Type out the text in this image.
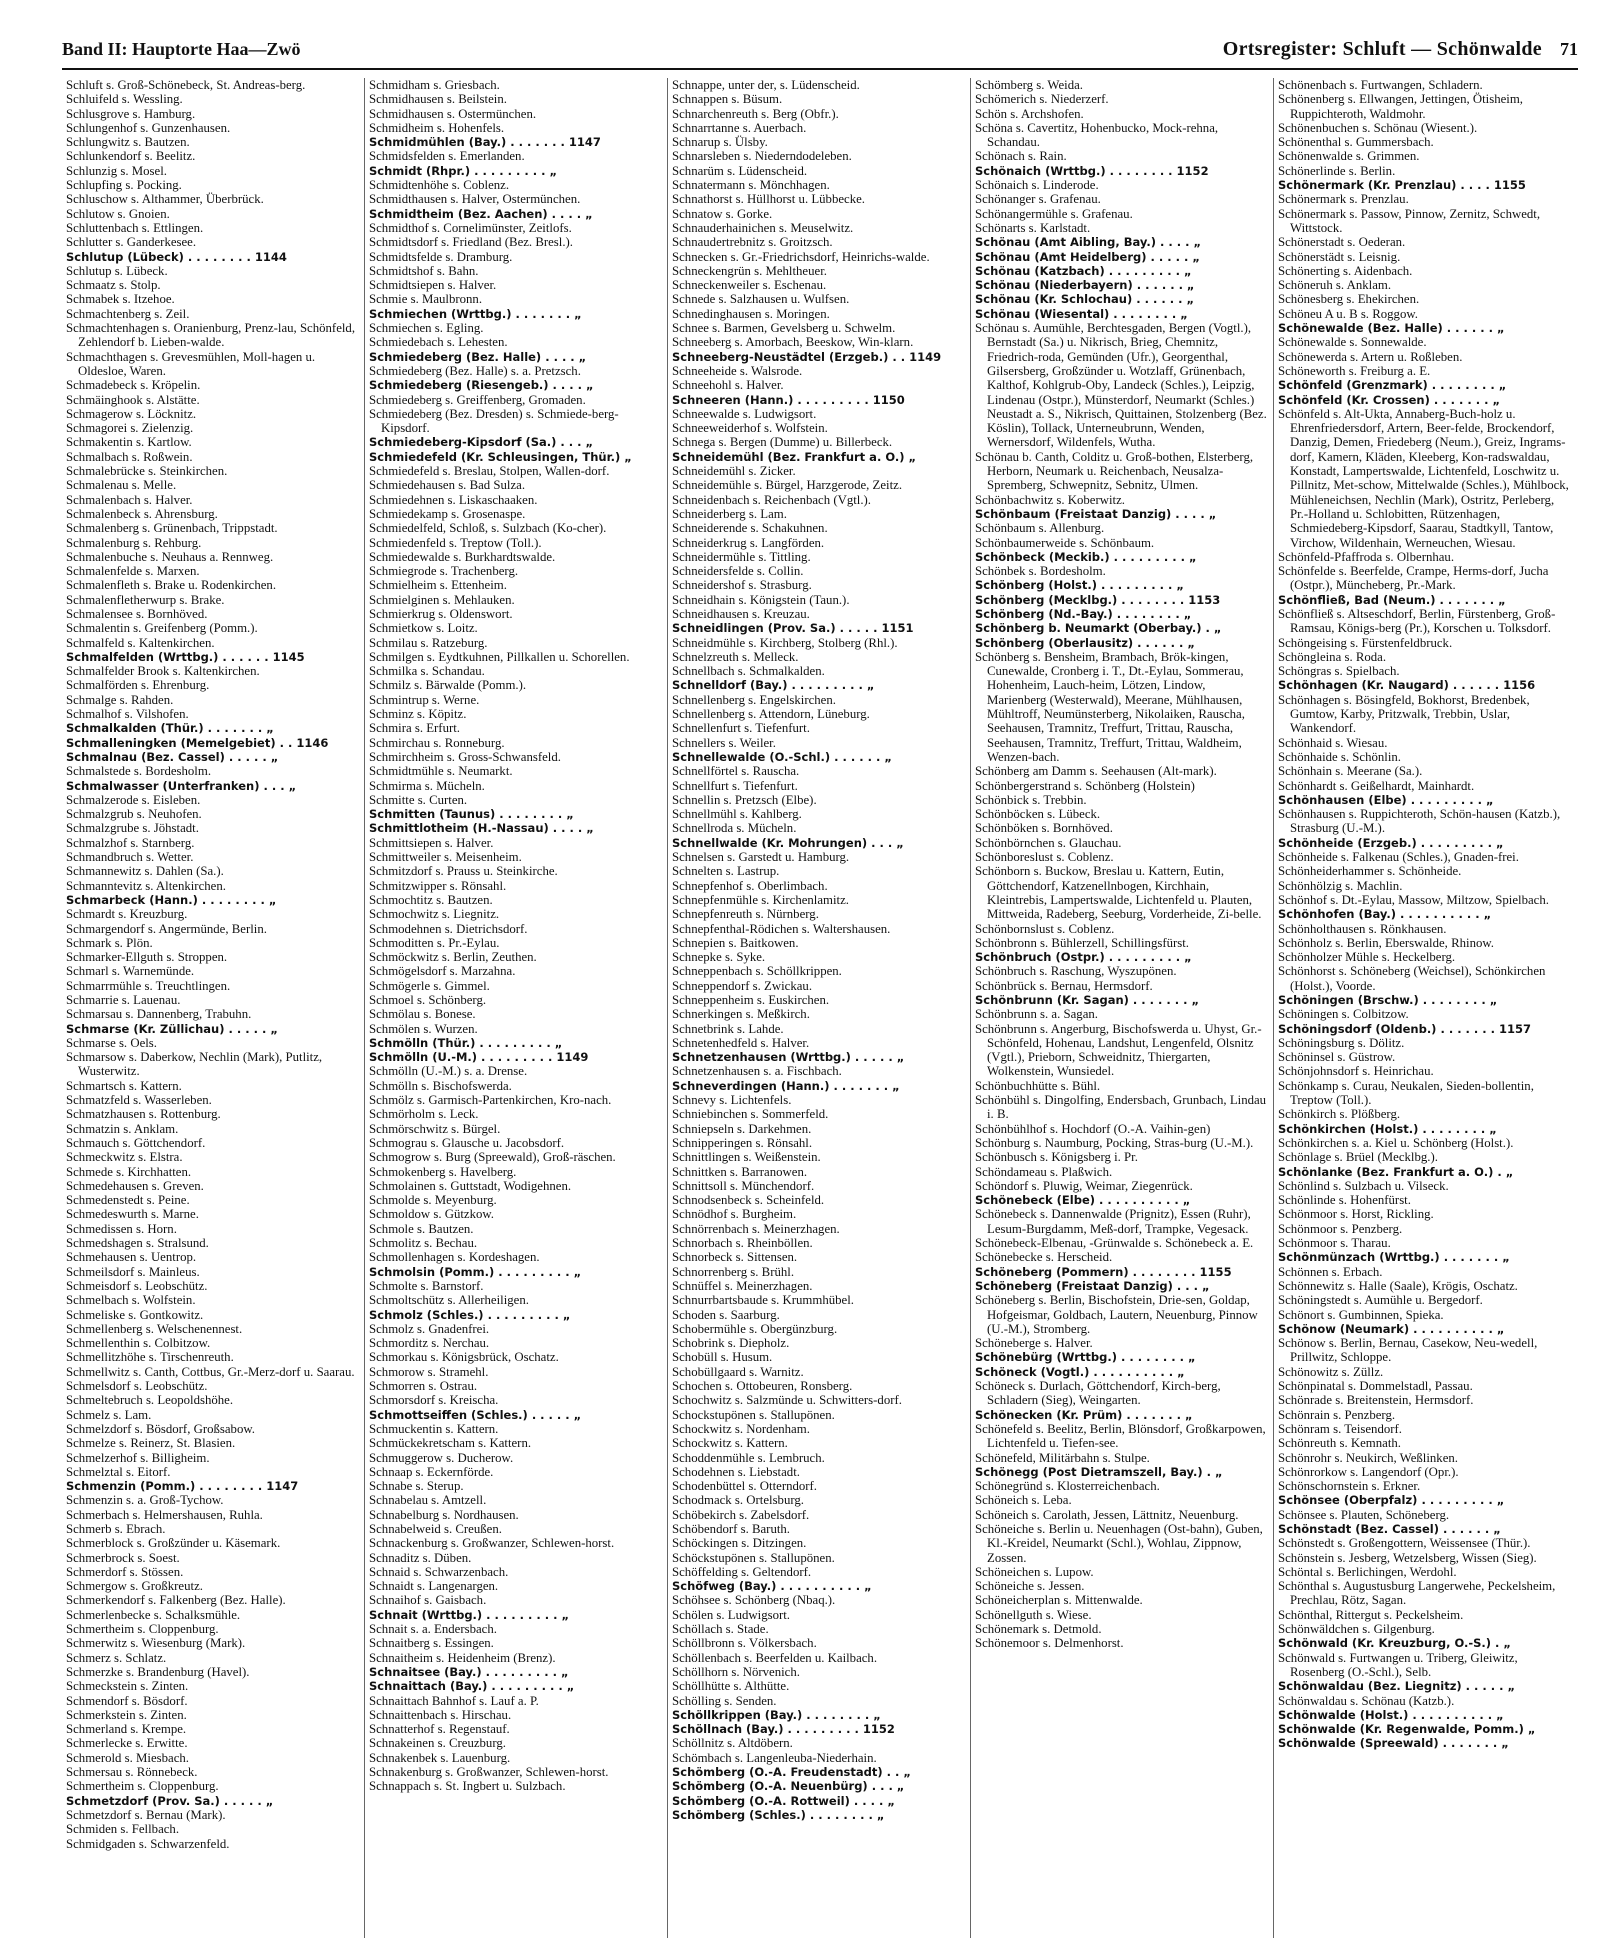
Band II: Hauptorte Haa—Zwö	Ortsregister: Schluft — Schönwalde 71
Schluft s. Groß-Schönebeck, St. Andreas-berg.
Schluifeld s. Wessling.
Schlusgrove s. Hamburg.
Schlungenhof s. Gunzenhausen.
Schlungwitz s. Bautzen.
Schlunkendorf s. Beelitz.
Schlunzig s. Mosel.
Schlupfing s. Pocking.
Schluschow s. Althammer, Überbrück.
Schlutow s. Gnoien.
Schluttenbach s. Ettlingen.
Schlutter s. Ganderkesee.
Schlutup (Lübeck) . . . . . . . . 1144
Schlutup s. Lübeck.
Schmaatz s. Stolp.
Schmabek s. Itzehoe.
Schmachtenberg s. Zeil.
Schmachtenhagen s. Oranienburg, Prenz-lau, Schönfeld, Zehlendorf b. Lieben-walde.
Schmachthagen s. Grevesmühlen, Moll-hagen u. Oldesloe, Waren.
Schmadebeck s. Kröpelin.
Schmäinghook s. Alstätte.
Schmagerow s. Löcknitz.
Schmagorei s. Zielenzig.
Schmakentin s. Kartlow.
Schmalbach s. Roßwein.
Schmalebrücke s. Steinkirchen.
Schmalenau s. Melle.
Schmalenbach s. Halver.
Schmalenbeck s. Ahrensburg.
Schmalenberg s. Grünenbach, Trippstadt.
Schmalenburg s. Rehburg.
Schmalenbuche s. Neuhaus a. Rennweg.
Schmalenfelde s. Marxen.
Schmalenfleth s. Brake u. Rodenkirchen.
Schmalenfletherwurp s. Brake.
Schmalensee s. Bornhöved.
Schmalentin s. Greifenberg (Pomm.).
Schmalfeld s. Kaltenkirchen.
Schmalfelden (Wrttbg.) . . . . . . 1145
Schmalfelder Brook s. Kaltenkirchen.
Schmalförden s. Ehrenburg.
Schmalge s. Rahden.
Schmalhof s. Vilshofen.
Schmalkalden (Thür.) . . . . . . . „
Schmalleningken (Memelgebiet) . . 1146
Schmalnau (Bez. Cassel) . . . . . „
Schmalstede s. Bordesholm.
Schmalwasser (Unterfranken) . . . „
Schmalzerode s. Eisleben.
Schmalzgrub s. Neuhofen.
Schmalzgrube s. Jöhstadt.
Schmalzhof s. Starnberg.
Schmandbruch s. Wetter.
Schmannewitz s. Dahlen (Sa.).
Schmanntevitz s. Altenkirchen.
Schmarbeck (Hann.) . . . . . . . . „
Schmardt s. Kreuzburg.
Schmargendorf s. Angermünde, Berlin.
Schmark s. Plön.
Schmarker-Ellguth s. Stroppen.
Schmarl s. Warnemünde.
Schmarrmühle s. Treuchtlingen.
Schmarrie s. Lauenau.
Schmarsau s. Dannenberg, Trabuhn.
Schmarse (Kr. Züllichau) . . . . . „
Schmarse s. Oels.
Schmarsow s. Daberkow, Nechlin (Mark), Putlitz, Wusterwitz.
Schmartsch s. Kattern.
Schmatzfeld s. Wasserleben.
Schmatzhausen s. Rottenburg.
Schmatzin s. Anklam.
Schmauch s. Göttchendorf.
Schmeckwitz s. Elstra.
Schmede s. Kirchhatten.
Schmedehausen s. Greven.
Schmedenstedt s. Peine.
Schmedeswurth s. Marne.
Schmedissen s. Horn.
Schmedshagen s. Stralsund.
Schmehausen s. Uentrop.
Schmeilsdorf s. Mainleus.
Schmeisdorf s. Leobschütz.
Schmelbach s. Wolfstein.
Schmeliske s. Gontkowitz.
Schmellenberg s. Welschenennest.
Schmellenthin s. Colbitzow.
Schmellitzhöhe s. Tirschenreuth.
Schmellwitz s. Canth, Cottbus, Gr.-Merz-dorf u. Saarau.
Schmelsdorf s. Leobschütz.
Schmeltebruch s. Leopoldshöhe.
Schmelz s. Lam.
Schmelzdorf s. Bösdorf, Großsabow.
Schmelze s. Reinerz, St. Blasien.
Schmelzerhof s. Billigheim.
Schmelztal s. Eitorf.
Schmenzin (Pomm.) . . . . . . . . 1147
Schmenzin s. a. Groß-Tychow.
Schmerbach s. Helmershausen, Ruhla.
Schmerb s. Ebrach.
Schmerblock s. Großzünder u. Käsemark.
Schmerbrock s. Soest.
Schmerdorf s. Stössen.
Schmergow s. Großkreutz.
Schmerkendorf s. Falkenberg (Bez. Halle).
Schmerlenbecke s. Schalksmühle.
Schmertheim s. Cloppenburg.
Schmerwitz s. Wiesenburg (Mark).
Schmerz s. Schlatz.
Schmerzke s. Brandenburg (Havel).
Schmeckstein s. Zinten.
Schmendorf s. Bösdorf.
Schmerkstein s. Zinten.
Schmerland s. Krempe.
Schmerlecke s. Erwitte.
Schmerold s. Miesbach.
Schmersau s. Rönnebeck.
Schmertheim s. Cloppenburg.
Schmetzdorf (Prov. Sa.) . . . . . „
Schmetzdorf s. Bernau (Mark).
Schmiden s. Fellbach.
Schmidgaden s. Schwarzenfeld.
Schmidham s. Griesbach.
Schmidhausen s. Beilstein.
Schmidhausen s. Ostermünchen.
Schmidheim s. Hohenfels.
Schmidmühlen (Bay.) . . . . . . . 1147
Schmidsfelden s. Emerlanden.
Schmidt (Rhpr.) . . . . . . . . . „
Schmidtenhöhe s. Coblenz.
Schmidthausen s. Halver, Ostermünchen.
Schmidtheim (Bez. Aachen) . . . . „
Schmidthof s. Cornelimünster, Zeitlofs.
Schmidtsdorf s. Friedland (Bez. Bresl.).
Schmidtsfelde s. Dramburg.
Schmidtshof s. Bahn.
Schmidtsiepen s. Halver.
Schmie s. Maulbronn.
Schmiechen (Wrttbg.) . . . . . . . „
Schmiechen s. Egling.
Schmiedebach s. Lehesten.
Schmiedeberg (Bez. Halle) . . . . „
Schmiedeberg (Bez. Halle) s. a. Pretzsch.
Schmiedeberg (Riesengeb.) . . . . „
Schmiedeberg s. Greiffenberg, Gromaden.
Schmiedeberg (Bez. Dresden) s. Schmiede-berg-Kipsdorf.
Schmiedeberg-Kipsdorf (Sa.) . . . „
Schmiedefeld (Kr. Schleusingen, Thür.) „
Schmiedefeld s. Breslau, Stolpen, Wallen-dorf.
Schmiedehausen s. Bad Sulza.
Schmiedehnen s. Liskaschaaken.
Schmiedekamp s. Grosenaspe.
Schmiedelfeld, Schloß, s. Sulzbach (Ko-cher).
Schmiedenfeld s. Treptow (Toll.).
Schmiedewalde s. Burkhardtswalde.
Schmiegrode s. Trachenberg.
Schmielheim s. Ettenheim.
Schmielginen s. Mehlauken.
Schmierkrug s. Oldenswort.
Schmietkow s. Loitz.
Schmilau s. Ratzeburg.
Schmilgen s. Eydtkuhnen, Pillkallen u. Schorellen.
Schmilka s. Schandau.
Schmilz s. Bärwalde (Pomm.).
Schmintrup s. Werne.
Schminz s. Köpitz.
Schmira s. Erfurt.
Schmirchau s. Ronneburg.
Schmirchheim s. Gross-Schwansfeld.
Schmidtmühle s. Neumarkt.
Schmirma s. Mücheln.
Schmitte s. Curten.
Schmitten (Taunus) . . . . . . . . „
Schmittlotheim (H.-Nassau) . . . . „
Schmittsiepen s. Halver.
Schmittweiler s. Meisenheim.
Schmitzdorf s. Prauss u. Steinkirche.
Schmitzwipper s. Rönsahl.
Schmochtitz s. Bautzen.
Schmochwitz s. Liegnitz.
Schmodehnen s. Dietrichsdorf.
Schmoditten s. Pr.-Eylau.
Schmöckwitz s. Berlin, Zeuthen.
Schmögelsdorf s. Marzahna.
Schmögerle s. Gimmel.
Schmoel s. Schönberg.
Schmölau s. Bonese.
Schmölen s. Wurzen.
Schmölln (Thür.) . . . . . . . . . „
Schmölln (U.-M.) . . . . . . . . . 1149
Schmölln (U.-M.) s. a. Drense.
Schmölln s. Bischofswerda.
Schmölz s. Garmisch-Partenkirchen, Kro-nach.
Schmörholm s. Leck.
Schmörschwitz s. Bürgel.
Schmograu s. Glausche u. Jacobsdorf.
Schmogrow s. Burg (Spreewald), Groß-räschen.
Schmokenberg s. Havelberg.
Schmolainen s. Guttstadt, Wodigehnen.
Schmolde s. Meyenburg.
Schmoldow s. Gützkow.
Schmole s. Bautzen.
Schmolitz s. Bechau.
Schmollenhagen s. Kordeshagen.
Schmolsin (Pomm.) . . . . . . . . . „
Schmolte s. Barnstorf.
Schmoltschütz s. Allerheiligen.
Schmolz (Schles.) . . . . . . . . . „
Schmolz s. Gnadenfrei.
Schmorditz s. Nerchau.
Schmorkau s. Königsbrück, Oschatz.
Schmorow s. Stramehl.
Schmorren s. Ostrau.
Schmorsdorf s. Kreischa.
Schmottseiffen (Schles.) . . . . . „
Schmuckentin s. Kattern.
Schmückekretscham s. Kattern.
Schmuggerow s. Ducherow.
Schnaap s. Eckernförde.
Schnabe s. Sterup.
Schnabelau s. Amtzell.
Schnabelburg s. Nordhausen.
Schnabelweid s. Creußen.
Schnackenburg s. Großwanzer, Schlewen-horst.
Schnaditz s. Düben.
Schnaid s. Schwarzenbach.
Schnaidt s. Langenargen.
Schnaihof s. Gaisbach.
Schnait (Wrttbg.) . . . . . . . . . „
Schnait s. a. Endersbach.
Schnaitberg s. Essingen.
Schnaitheim s. Heidenheim (Brenz).
Schnaitsee (Bay.) . . . . . . . . . „
Schnaittach (Bay.) . . . . . . . . . „
Schnaittach Bahnhof s. Lauf a. P.
Schnaittenbach s. Hirschau.
Schnatterhof s. Regenstauf.
Schnakeinen s. Creuzburg.
Schnakenbek s. Lauenburg.
Schnakenburg s. Großwanzer, Schlewen-horst.
Schnappach s. St. Ingbert u. Sulzbach.
Schnappe, unter der, s. Lüdenscheid.
Schnappen s. Büsum.
Schnarchenreuth s. Berg (Obfr.).
Schnarrtanne s. Auerbach.
Schnarup s. Ülsby.
Schnarsleben s. Niederndodeleben.
Schnarüm s. Lüdenscheid.
Schnatermann s. Mönchhagen.
Schnathorst s. Hüllhorst u. Lübbecke.
Schnatow s. Gorke.
Schnauderhainichen s. Meuselwitz.
Schnaudertrebnitz s. Groitzsch.
Schnecken s. Gr.-Friedrichsdorf, Heinrichs-walde.
Schneckengrün s. Mehltheuer.
Schneckenweiler s. Eschenau.
Schnede s. Salzhausen u. Wulfsen.
Schnedinghausen s. Moringen.
Schnee s. Barmen, Gevelsberg u. Schwelm.
Schneeberg s. Amorbach, Beeskow, Win-klarn.
Schneeberg-Neustädtel (Erzgeb.) . . 1149
Schneeheide s. Walsrode.
Schneehohl s. Halver.
Schneeren (Hann.) . . . . . . . . . 1150
Schneewalde s. Ludwigsort.
Schneeweiderhof s. Wolfstein.
Schnega s. Bergen (Dumme) u. Billerbeck.
Schneidemühl (Bez. Frankfurt a. O.) „
Schneidemühl s. Zicker.
Schneidemühle s. Bürgel, Harzgerode, Zeitz.
Schneidenbach s. Reichenbach (Vgtl.).
Schneiderberg s. Lam.
Schneiderende s. Schakuhnen.
Schneiderkrug s. Langförden.
Schneidermühle s. Tittling.
Schneidersfelde s. Collin.
Schneidershof s. Strasburg.
Schneidhain s. Königstein (Taun.).
Schneidhausen s. Kreuzau.
Schneidlingen (Prov. Sa.) . . . . . 1151
Schneidmühle s. Kirchberg, Stolberg (Rhl.).
Schnelzreuth s. Melleck.
Schnellbach s. Schmalkalden.
Schnelldorf (Bay.) . . . . . . . . . „
Schnellenberg s. Engelskirchen.
Schnellenberg s. Attendorn, Lüneburg.
Schnellenfurt s. Tiefenfurt.
Schnellers s. Weiler.
Schnellewalde (O.-Schl.) . . . . . . „
Schnellförtel s. Rauscha.
Schnellfurt s. Tiefenfurt.
Schnellin s. Pretzsch (Elbe).
Schnellmühl s. Kahlberg.
Schnellroda s. Mücheln.
Schnellwalde (Kr. Mohrungen) . . . „
Schnelsen s. Garstedt u. Hamburg.
Schnelten s. Lastrup.
Schnepfenhof s. Oberlimbach.
Schnepfenmühle s. Kirchenlamitz.
Schnepfenreuth s. Nürnberg.
Schnepfenthal-Rödichen s. Waltershausen.
Schnepien s. Baitkowen.
Schnepke s. Syke.
Schneppenbach s. Schöllkrippen.
Schneppendorf s. Zwickau.
Schneppenheim s. Euskirchen.
Schnerkingen s. Meßkirch.
Schnetbrink s. Lahde.
Schnetenhedfeld s. Halver.
Schnetzenhausen (Wrttbg.) . . . . . „
Schnetzenhausen s. a. Fischbach.
Schneverdingen (Hann.) . . . . . . . „
Schnevy s. Lichtenfels.
Schniebinchen s. Sommerfeld.
Schniepseln s. Darkehmen.
Schnipperingen s. Rönsahl.
Schnittlingen s. Weißenstein.
Schnittken s. Barranowen.
Schnittsoll s. Münchendorf.
Schnodsenbeck s. Scheinfeld.
Schnödhof s. Burgheim.
Schnörrenbach s. Meinerzhagen.
Schnorbach s. Rheinböllen.
Schnorbeck s. Sittensen.
Schnorrenberg s. Brühl.
Schnüffel s. Meinerzhagen.
Schnurrbartsbaude s. Krummhübel.
Schoden s. Saarburg.
Schobermühle s. Obergünzburg.
Schobrink s. Diepholz.
Schobüll s. Husum.
Schobüllgaard s. Warnitz.
Schochen s. Ottobeuren, Ronsberg.
Schochwitz s. Salzmünde u. Schwitters-dorf.
Schockstupönen s. Stallupönen.
Schockwitz s. Nordenham.
Schockwitz s. Kattern.
Schoddenmühle s. Lembruch.
Schodehnen s. Liebstadt.
Schodenbüttel s. Otterndorf.
Schodmack s. Ortelsburg.
Schöbekirch s. Zabelsdorf.
Schöbendorf s. Baruth.
Schöckingen s. Ditzingen.
Schöckstupönen s. Stallupönen.
Schöffelding s. Geltendorf.
Schöfweg (Bay.) . . . . . . . . . . „
Schöhsee s. Schönberg (Nbaq.).
Schölen s. Ludwigsort.
Schöllach s. Stade.
Schöllbronn s. Völkersbach.
Schöllenbach s. Beerfelden u. Kailbach.
Schöllhorn s. Nörvenich.
Schöllhütte s. Althütte.
Schölling s. Senden.
Schöllkrippen (Bay.) . . . . . . . . „
Schöllnach (Bay.) . . . . . . . . . 1152
Schöllnitz s. Altdöbern.
Schömbach s. Langenleuba-Niederhain.
Schömberg (O.-A. Freudenstadt) . . „
Schömberg (O.-A. Neuenbürg) . . . „
Schömberg (O.-A. Rottweil) . . . . „
Schömberg (Schles.) . . . . . . . . „
Schömberg s. Weida.
Schömerich s. Niederzerf.
Schön s. Archshofen.
Schöna s. Cavertitz, Hohenbucko, Mock-rehna, Schandau.
Schönach s. Rain.
Schönaich (Wrttbg.) . . . . . . . . 1152
Schönaich s. Linderode.
Schönanger s. Grafenau.
Schönangermühle s. Grafenau.
Schönarts s. Karlstadt.
Schönau (Amt Aibling, Bay.) . . . . „
Schönau (Amt Heidelberg) . . . . . „
Schönau (Katzbach) . . . . . . . . . „
Schönau (Niederbayern) . . . . . . „
Schönau (Kr. Schlochau) . . . . . . „
Schönau (Wiesental) . . . . . . . . „
Schönau s. Aumühle, Berchtesgaden, Bergen (Vogtl.), Bernstadt (Sa.) u. Nikrisch, Brieg, Chemnitz, Friedrich-roda, Gemünden (Ufr.), Georgenthal, Gilsersberg, Großzünder u. Wotzlaff, Grünenbach, Kalthof, Kohlgrub-Oby, Landeck (Schles.), Leipzig, Lindenau (Ostpr.), Münsterdorf, Neumarkt (Schles.) Neustadt a. S., Nikrisch, Quittainen, Stolzenberg (Bez. Köslin), Tollack, Unterneubrunn, Wenden, Wernersdorf, Wildenfels, Wutha.
Schönau b. Canth, Colditz u. Groß-bothen, Elsterberg, Herborn, Neumark u. Reichenbach, Neusalza-Spremberg, Schwepnitz, Sebnitz, Ulmen.
Schönbachwitz s. Koberwitz.
Schönbaum (Freistaat Danzig) . . . . „
Schönbaum s. Allenburg.
Schönbaumerweide s. Schönbaum.
Schönbeck (Meckib.) . . . . . . . . . „
Schönbek s. Bordesholm.
Schönberg (Holst.) . . . . . . . . . „
Schönberg (Mecklbg.) . . . . . . . . 1153
Schönberg (Nd.-Bay.) . . . . . . . . „
Schönberg b. Neumarkt (Oberbay.) . „
Schönberg (Oberlausitz) . . . . . . „
Schönberg s. Bensheim, Brambach, Brök-kingen, Cunewalde, Cronberg i. T., Dt.-Eylau, Sommerau, Hohenheim, Lauch-heim, Lötzen, Lindow, Marienberg (Westerwald), Meerane, Mühlhausen, Mühltroff, Neumünsterberg, Nikolaiken, Rauscha, Seehausen, Tramnitz, Treffurt, Trittau, Rauscha, Seehausen, Tramnitz, Treffurt, Trittau, Waldheim, Wenzen-bach.
Schönberg am Damm s. Seehausen (Alt-mark).
Schönbergerstrand s. Schönberg (Holstein)
Schönbick s. Trebbin.
Schönböcken s. Lübeck.
Schönböken s. Bornhöved.
Schönbörnchen s. Glauchau.
Schönboreslust s. Coblenz.
Schönborn s. Buckow, Breslau u. Kattern, Eutin, Göttchendorf, Katzenellnbogen, Kirchhain, Kleintrebis, Lampertswalde, Lichtenfeld u. Plauten, Mittweida, Radeberg, Seeburg, Vorderheide, Zi-belle.
Schönbornslust s. Coblenz.
Schönbronn s. Bühlerzell, Schillingsfürst.
Schönbruch (Ostpr.) . . . . . . . . . „
Schönbruch s. Raschung, Wyszupönen.
Schönbrück s. Bernau, Hermsdorf.
Schönbrunn (Kr. Sagan) . . . . . . . „
Schönbrunn s. a. Sagan.
Schönbrunn s. Angerburg, Bischofswerda u. Uhyst, Gr.-Schönfeld, Hohenau, Landshut, Lengenfeld, Olsnitz (Vgtl.), Prieborn, Schweidnitz, Thiergarten, Wolkenstein, Wunsiedel.
Schönbuchhütte s. Bühl.
Schönbühl s. Dingolfing, Endersbach, Grunbach, Lindau i. B.
Schönbühlhof s. Hochdorf (O.-A. Vaihin-gen)
Schönburg s. Naumburg, Pocking, Stras-burg (U.-M.).
Schönbusch s. Königsberg i. Pr.
Schöndameau s. Plaßwich.
Schöndorf s. Pluwig, Weimar, Ziegenrück.
Schönebeck (Elbe) . . . . . . . . . . „
Schönebeck s. Dannenwalde (Prignitz), Essen (Ruhr), Lesum-Burgdamm, Meß-dorf, Trampke, Vegesack.
Schönebeck-Elbenau, -Grünwalde s. Schönebeck a. E.
Schönebecke s. Herscheid.
Schöneberg (Pommern) . . . . . . . . 1155
Schöneberg (Freistaat Danzig) . . . „
Schöneberg s. Berlin, Bischofstein, Drie-sen, Goldap, Hofgeismar, Goldbach, Lautern, Neuenburg, Pinnow (U.-M.), Stromberg.
Schöneberge s. Halver.
Schönebürg (Wrttbg.) . . . . . . . . „
Schöneck (Vogtl.) . . . . . . . . . . „
Schöneck s. Durlach, Göttchendorf, Kirch-berg, Schladern (Sieg), Weingarten.
Schönecken (Kr. Prüm) . . . . . . . „
Schönefeld s. Beelitz, Berlin, Blönsdorf, Großkarpowen, Lichtenfeld u. Tiefen-see.
Schönefeld, Militärbahn s. Stulpe.
Schönegg (Post Dietramszell, Bay.) . „
Schönegründ s. Klosterreichenbach.
Schöneich s. Leba.
Schöneich s. Carolath, Jessen, Lättnitz, Neuenburg.
Schöneiche s. Berlin u. Neuenhagen (Ost-bahn), Guben, Kl.-Kreidel, Neumarkt (Schl.), Wohlau, Zippnow, Zossen.
Schöneichen s. Lupow.
Schöneiche s. Jessen.
Schöneicherplan s. Mittenwalde.
Schönellguth s. Wiese.
Schönemark s. Detmold.
Schönemoor s. Delmenhorst.
Schönenbach s. Furtwangen, Schladern.
Schönenberg s. Ellwangen, Jettingen, Ötisheim, Ruppichteroth, Waldmohr.
Schönenbuchen s. Schönau (Wiesent.).
Schönenthal s. Gummersbach.
Schönenwalde s. Grimmen.
Schönerlinde s. Berlin.
Schönermark (Kr. Prenzlau) . . . . 1155
Schönermark s. Prenzlau.
Schönermark s. Passow, Pinnow, Zernitz, Schwedt, Wittstock.
Schönerstadt s. Oederan.
Schönerstädt s. Leisnig.
Schönerting s. Aidenbach.
Schöneruh s. Anklam.
Schönesberg s. Ehekirchen.
Schöneu A u. B s. Roggow.
Schönewalde (Bez. Halle) . . . . . . „
Schönewalde s. Sonnewalde.
Schönewerda s. Artern u. Roßleben.
Schöneworth s. Freiburg a. E.
Schönfeld (Grenzmark) . . . . . . . . „
Schönfeld (Kr. Crossen) . . . . . . . „
Schönfeld s. Alt-Ukta, Annaberg-Buch-holz u. Ehrenfriedersdorf, Artern, Beer-felde, Brockendorf, Danzig, Demen, Friedeberg (Neum.), Greiz, Ingrams-dorf, Kamern, Kläden, Kleeberg, Kon-radswaldau, Konstadt, Lampertswalde, Lichtenfeld, Loschwitz u. Pillnitz, Met-schow, Mittelwalde (Schles.), Mühlbock, Mühleneichsen, Nechlin (Mark), Ostritz, Perleberg, Pr.-Holland u. Schlobitten, Rützenhagen, Schmiedeberg-Kipsdorf, Saarau, Stadtkyll, Tantow, Virchow, Wildenhain, Werneuchen, Wiesau.
Schönfeld-Pfaffroda s. Olbernhau.
Schönfelde s. Beerfelde, Crampe, Herms-dorf, Jucha (Ostpr.), Müncheberg, Pr.-Mark.
Schönfließ, Bad (Neum.) . . . . . . . „
Schönfließ s. Altseschdorf, Berlin, Fürstenberg, Groß-Ramsau, Königs-berg (Pr.), Korschen u. Tolksdorf.
Schöngeising s. Fürstenfeldbruck.
Schöngleina s. Roda.
Schöngras s. Spielbach.
Schönhagen (Kr. Naugard) . . . . . . 1156
Schönhagen s. Bösingfeld, Bokhorst, Bredenbek, Gumtow, Karby, Pritzwalk, Trebbin, Uslar, Wankendorf.
Schönhaid s. Wiesau.
Schönhaide s. Schönlin.
Schönhain s. Meerane (Sa.).
Schönhardt s. Geißelhardt, Mainhardt.
Schönhausen (Elbe) . . . . . . . . . „
Schönhausen s. Ruppichteroth, Schön-hausen (Katzb.), Strasburg (U.-M.).
Schönheide (Erzgeb.) . . . . . . . . . „
Schönheide s. Falkenau (Schles.), Gnaden-frei.
Schönheiderhammer s. Schönheide.
Schönhölzig s. Machlin.
Schönhof s. Dt.-Eylau, Massow, Miltzow, Spielbach.
Schönhofen (Bay.) . . . . . . . . . . „
Schönholthausen s. Rönkhausen.
Schönholz s. Berlin, Eberswalde, Rhinow.
Schönholzer Mühle s. Heckelberg.
Schönhorst s. Schöneberg (Weichsel), Schönkirchen (Holst.), Voorde.
Schöningen (Brschw.) . . . . . . . . „
Schöningen s. Colbitzow.
Schöningsdorf (Oldenb.) . . . . . . . 1157
Schöningsburg s. Dölitz.
Schöninsel s. Güstrow.
Schönjohnsdorf s. Heinrichau.
Schönkamp s. Curau, Neukalen, Sieden-bollentin, Treptow (Toll.).
Schönkirch s. Plößberg.
Schönkirchen (Holst.) . . . . . . . . „
Schönkirchen s. a. Kiel u. Schönberg (Holst.).
Schönlage s. Brüel (Mecklbg.).
Schönlanke (Bez. Frankfurt a. O.) . „
Schönlind s. Sulzbach u. Vilseck.
Schönlinde s. Hohenfürst.
Schönmoor s. Horst, Rickling.
Schönmoor s. Penzberg.
Schönmoor s. Tharau.
Schönmünzach (Wrttbg.) . . . . . . . „
Schönnen s. Erbach.
Schönnewitz s. Halle (Saale), Krögis, Oschatz.
Schöningstedt s. Aumühle u. Bergedorf.
Schönort s. Gumbinnen, Spieka.
Schönow (Neumark) . . . . . . . . . . „
Schönow s. Berlin, Bernau, Casekow, Neu-wedell, Prillwitz, Schloppe.
Schönowitz s. Züllz.
Schönpinatal s. Dommelstadl, Passau.
Schönrade s. Breitenstein, Hermsdorf.
Schönrain s. Penzberg.
Schönram s. Teisendorf.
Schönreuth s. Kemnath.
Schönrohr s. Neukirch, Weßlinken.
Schönrorkow s. Langendorf (Opr.).
Schönschornstein s. Erkner.
Schönsee (Oberpfalz) . . . . . . . . . „
Schönsee s. Plauten, Schöneberg.
Schönstadt (Bez. Cassel) . . . . . . „
Schönstedt s. Großengottern, Weissensee (Thür.).
Schönstein s. Jesberg, Wetzelsberg, Wissen (Sieg).
Schöntal s. Berlichingen, Werdohl.
Schönthal s. Augustusburg Langerwehe, Peckelsheim, Prechlau, Rötz, Sagan.
Schönthal, Rittergut s. Peckelsheim.
Schönwäldchen s. Gilgenburg.
Schönwald (Kr. Kreuzburg, O.-S.) . „
Schönwald s. Furtwangen u. Triberg, Gleiwitz, Rosenberg (O.-Schl.), Selb.
Schönwaldau (Bez. Liegnitz) . . . . . „
Schönwaldau s. Schönau (Katzb.).
Schönwalde (Holst.) . . . . . . . . . . „
Schönwalde (Kr. Regenwalde, Pomm.) „
Schönwalde (Spreewald) . . . . . . . „
